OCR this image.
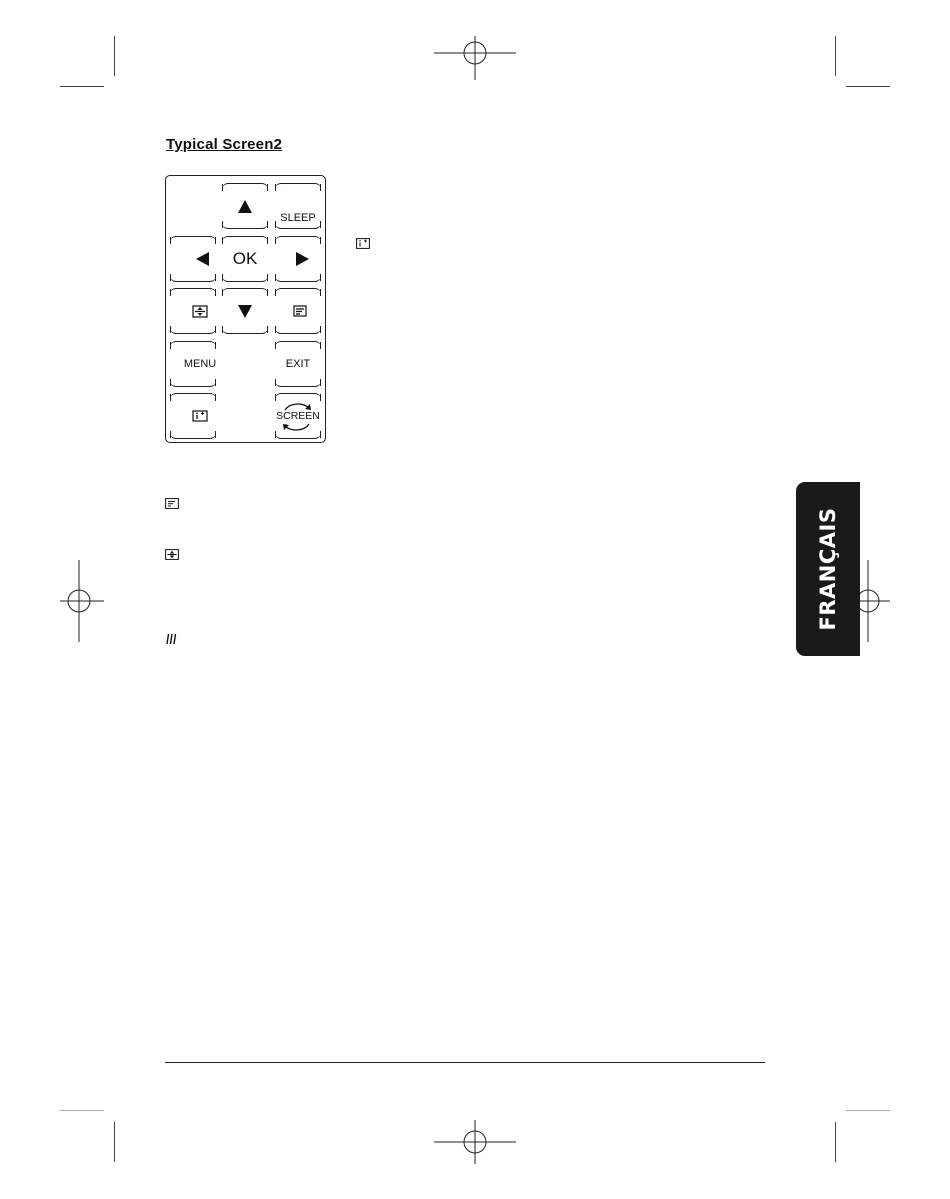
Typical Screen2
SLEEP
OK
MENU	EXIT
SCREEN
FRANÇAIS
